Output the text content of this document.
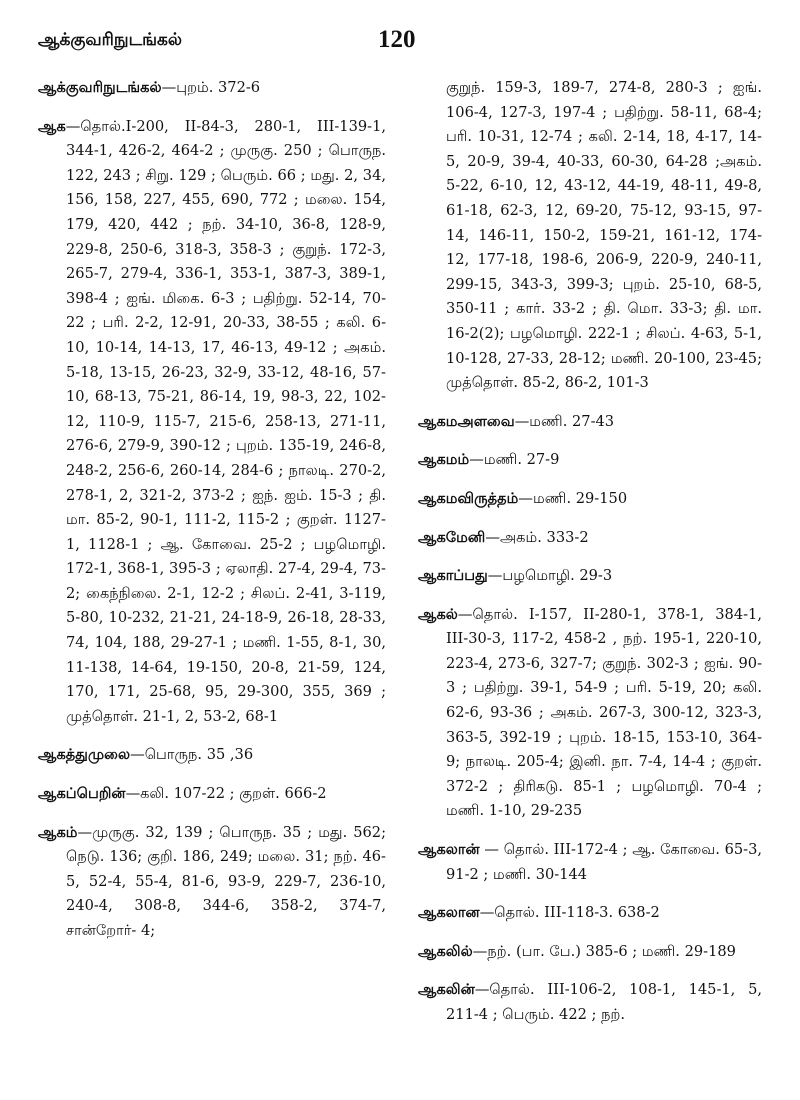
ஆக்குவரிநுடங்கல்	120
ஆக்குவரிநுடங்கல்—புறம். 372-6
ஆக—தொல்.I-200, II-84-3, 280-1, III-139-1, 344-1, 426-2, 464-2 ; முருகு. 250 ; பொருந. 122, 243 ; சிறு. 129 ; பெரும். 66 ; மது. 2, 34, 156, 158, 227, 455, 690, 772 ; மலை. 154, 179, 420, 442 ; நற். 34-10, 36-8, 128-9, 229-8, 250-6, 318-3, 358-3 ; குறுந். 172-3, 265-7, 279-4, 336-1, 353-1, 387-3, 389-1, 398-4 ; ஐங். மிகை. 6-3 ; பதிற்று. 52-14, 70-22 ; பரி. 2-2, 12-91, 20-33, 38-55 ; கலி. 6-10, 10-14, 14-13, 17, 46-13, 49-12 ; அகம். 5-18, 13-15, 26-23, 32-9, 33-12, 48-16, 57-10, 68-13, 75-21, 86-14, 19, 98-3, 22, 102-12, 110-9, 115-7, 215-6, 258-13, 271-11, 276-6, 279-9, 390-12 ; புறம். 135-19, 246-8, 248-2, 256-6, 260-14, 284-6 ; நாலடி. 270-2, 278-1, 2, 321-2, 373-2 ; ஐந். ஐம். 15-3 ; தி. மா. 85-2, 90-1, 111-2, 115-2 ; குறள். 1127-1, 1128-1 ; ஆ. கோவை. 25-2 ; பழமொழி. 172-1, 368-1, 395-3 ; ஏலாதி. 27-4, 29-4, 73-2; கைந்நிலை. 2-1, 12-2 ; சிலப். 2-41, 3-119, 5-80, 10-232, 21-21, 24-18-9, 26-18, 28-33, 74, 104, 188, 29-27-1 ; மணி. 1-55, 8-1, 30, 11-138, 14-64, 19-150, 20-8, 21-59, 124, 170, 171, 25-68, 95, 29-300, 355, 369 ; முத்தொள். 21-1, 2, 53-2, 68-1
ஆகத்துமுலை—பொருந. 35 ,36
ஆகப்பெறின்—கலி. 107-22 ; குறள். 666-2
ஆகம்—முருகு. 32, 139 ; பொருந. 35 ; மது. 562; நெடு. 136; குறி. 186, 249; மலை. 31; நற். 46-5, 52-4, 55-4, 81-6, 93-9, 229-7, 236-10, 240-4, 308-8, 344-6, 358-2, 374-7, சான்றோர்- 4;
குறுந். 159-3, 189-7, 274-8, 280-3 ; ஐங். 106-4, 127-3, 197-4 ; பதிற்று. 58-11, 68-4; பரி. 10-31, 12-74 ; கலி. 2-14, 18, 4-17, 14-5, 20-9, 39-4, 40-33, 60-30, 64-28 ;அகம். 5-22, 6-10, 12, 43-12, 44-19, 48-11, 49-8, 61-18, 62-3, 12, 69-20, 75-12, 93-15, 97-14, 146-11, 150-2, 159-21, 161-12, 174-12, 177-18, 198-6, 206-9, 220-9, 240-11, 299-15, 343-3, 399-3; புறம். 25-10, 68-5, 350-11 ; கார். 33-2 ; தி. மொ. 33-3; தி. மா. 16-2(2); பழமொழி. 222-1 ; சிலப். 4-63, 5-1, 10-128, 27-33, 28-12; மணி. 20-100, 23-45; முத்தொள். 85-2, 86-2, 101-3
ஆகமஅளவை—மணி. 27-43
ஆகமம்—மணி. 27-9
ஆகமவிருத்தம்—மணி. 29-150
ஆகமேனி—அகம். 333-2
ஆகாப்பது—பழமொழி. 29-3
ஆகல்—தொல். I-157, II-280-1, 378-1, 384-1, III-30-3, 117-2, 458-2 , நற். 195-1, 220-10, 223-4, 273-6, 327-7; குறுந். 302-3 ; ஐங். 90-3 ; பதிற்று. 39-1, 54-9 ; பரி. 5-19, 20; கலி. 62-6, 93-36 ; அகம். 267-3, 300-12, 323-3, 363-5, 392-19 ; புறம். 18-15, 153-10, 364-9; நாலடி. 205-4; இனி. நா. 7-4, 14-4 ; குறள். 372-2 ; திரிகடு. 85-1 ; பழமொழி. 70-4 ; மணி. 1-10, 29-235
ஆகலான் — தொல். III-172-4 ; ஆ. கோவை. 65-3, 91-2 ; மணி. 30-144
ஆகலான—தொல். III-118-3. 638-2
ஆகலில்—நற். (பா. பே.) 385-6 ; மணி. 29-189
ஆகலின்—தொல். III-106-2, 108-1, 145-1, 5, 211-4 ; பெரும். 422 ; நற்.
